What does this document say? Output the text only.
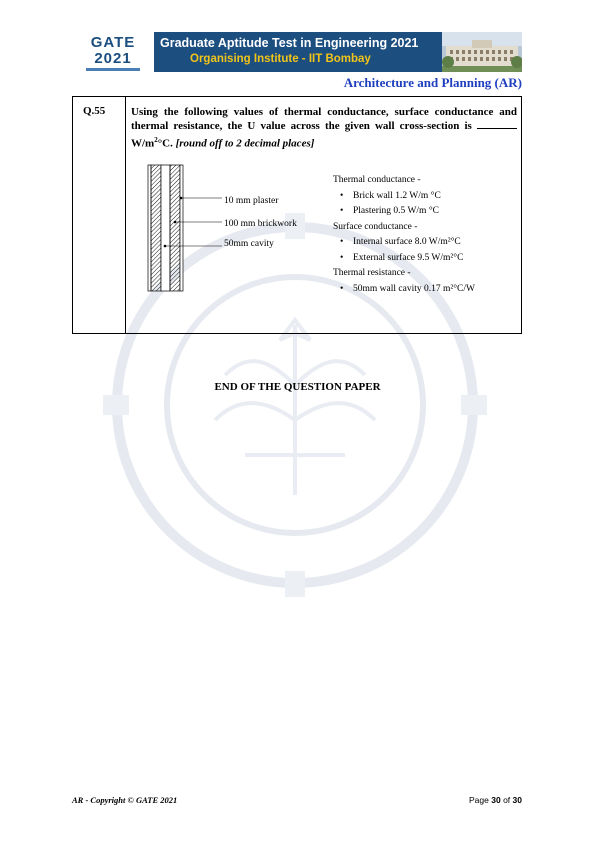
GATE
2021
Graduate Aptitude Test in Engineering 2021
Organising Institute - IIT Bombay
Architecture and Planning (AR)
Q.55 Using the following values of thermal conductance, surface conductance and thermal resistance, the U value across the given wall cross-section is $W/m^2^\circ C$. [round off to 2 decimal places]
10 mm plaster
100 mm brickwork
50mm cavity
Thermal conductance -
• Brick wall 1.2 W/m °C
• Plastering 0.5 W/m °C
Surface conductance -
• Internal surface 8.0 W/m²°C
• External surface 9.5 W/m²°C
Thermal resistance -
• 50mm wall cavity 0.17 m²°C/W
END OF THE QUESTION PAPER
AR - Copyright © GATE 2021	Page 30 of 30
